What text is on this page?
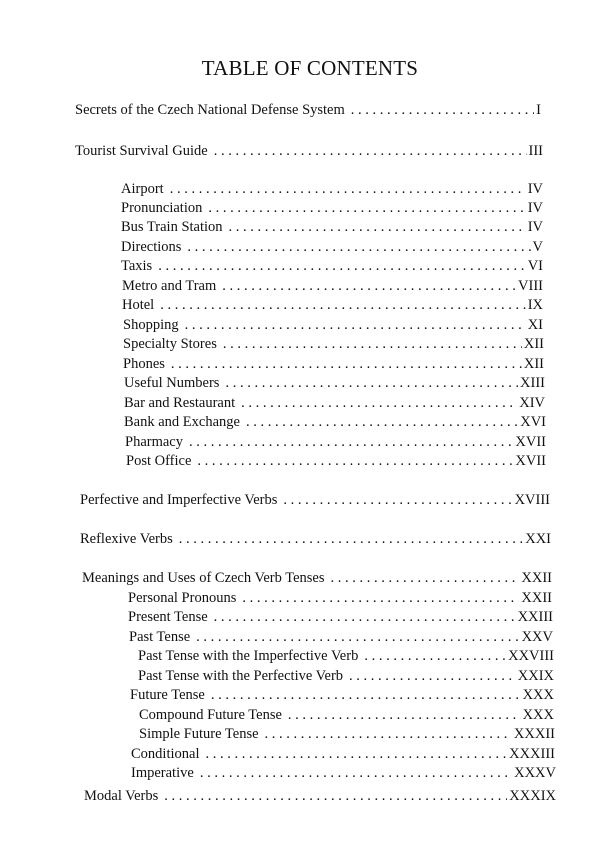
TABLE OF CONTENTS
Secrets of the Czech National Defense System . . .	I
Tourist Survival Guide . . .	III
Airport . . .	IV
Pronunciation . . .	IV
Bus Train Station . . .	IV
Directions . . .	V
Taxis . . .	VI
Metro and Tram . . .	VIII
Hotel . . .	IX
Shopping . . .	XI
Specialty Stores . . .	XII
Phones . . .	XII
Useful Numbers . . .	XIII
Bar and Restaurant . . .	XIV
Bank and Exchange . . .	XVI
Pharmacy . . .	XVII
Post Office . . .	XVII
Perfective and Imperfective Verbs . . .	XVIII
Reflexive Verbs . . .	XXI
Meanings and Uses of Czech Verb Tenses . . .	XXII
Personal Pronouns . . .	XXII
Present Tense . . .	XXIII
Past Tense . . .	XXV
Past Tense with the Imperfective Verb . . .	XXVIII
Past Tense with the Perfective Verb . . .	XXIX
Future Tense . . .	XXX
Compound Future Tense . . .	XXX
Simple Future Tense . . .	XXXII
Conditional . . .	XXXIII
Imperative . . .	XXXV
Modal Verbs . . .	XXXIX
